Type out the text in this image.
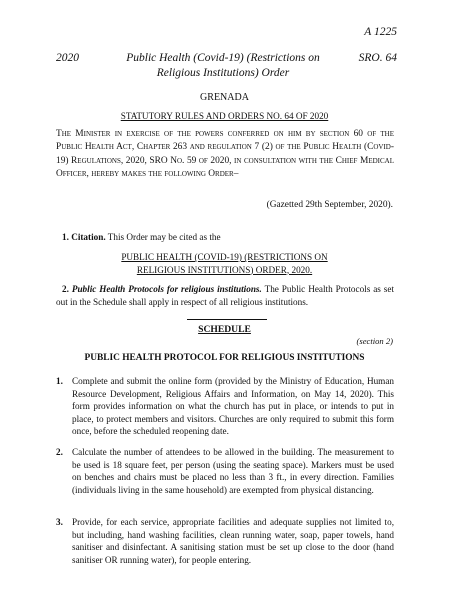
A 1225
2020	Public Health (Covid-19) (Restrictions on Religious Institutions) Order
SRO. 64
GRENADA
STATUTORY RULES AND ORDERS NO. 64 OF 2020
The Minister in exercise of the powers conferred on him by section 60 of the Public Health Act, Chapter 263 and regulation 7 (2) of the Public Health (Covid-19) Regulations, 2020, SRO No. 59 of 2020, in consultation with the Chief Medical Officer, hereby makes the following Order–
(Gazetted 29th September, 2020).
1. Citation. This Order may be cited as the
PUBLIC HEALTH (COVID-19) (RESTRICTIONS ON RELIGIOUS INSTITUTIONS) ORDER, 2020.
2. Public Health Protocols for religious institutions. The Public Health Protocols as set out in the Schedule shall apply in respect of all religious institutions.
SCHEDULE
(section 2)
PUBLIC HEALTH PROTOCOL FOR RELIGIOUS INSTITUTIONS
1. Complete and submit the online form (provided by the Ministry of Education, Human Resource Development, Religious Affairs and Information, on May 14, 2020). This form provides information on what the church has put in place, or intends to put in place, to protect members and visitors. Churches are only required to submit this form once, before the scheduled reopening date.
2. Calculate the number of attendees to be allowed in the building. The measurement to be used is 18 square feet, per person (using the seating space). Markers must be used on benches and chairs must be placed no less than 3 ft., in every direction. Families (individuals living in the same household) are exempted from physical distancing.
3. Provide, for each service, appropriate facilities and adequate supplies not limited to, but including, hand washing facilities, clean running water, soap, paper towels, hand sanitiser and disinfectant. A sanitising station must be set up close to the door (hand sanitiser OR running water), for people entering.
